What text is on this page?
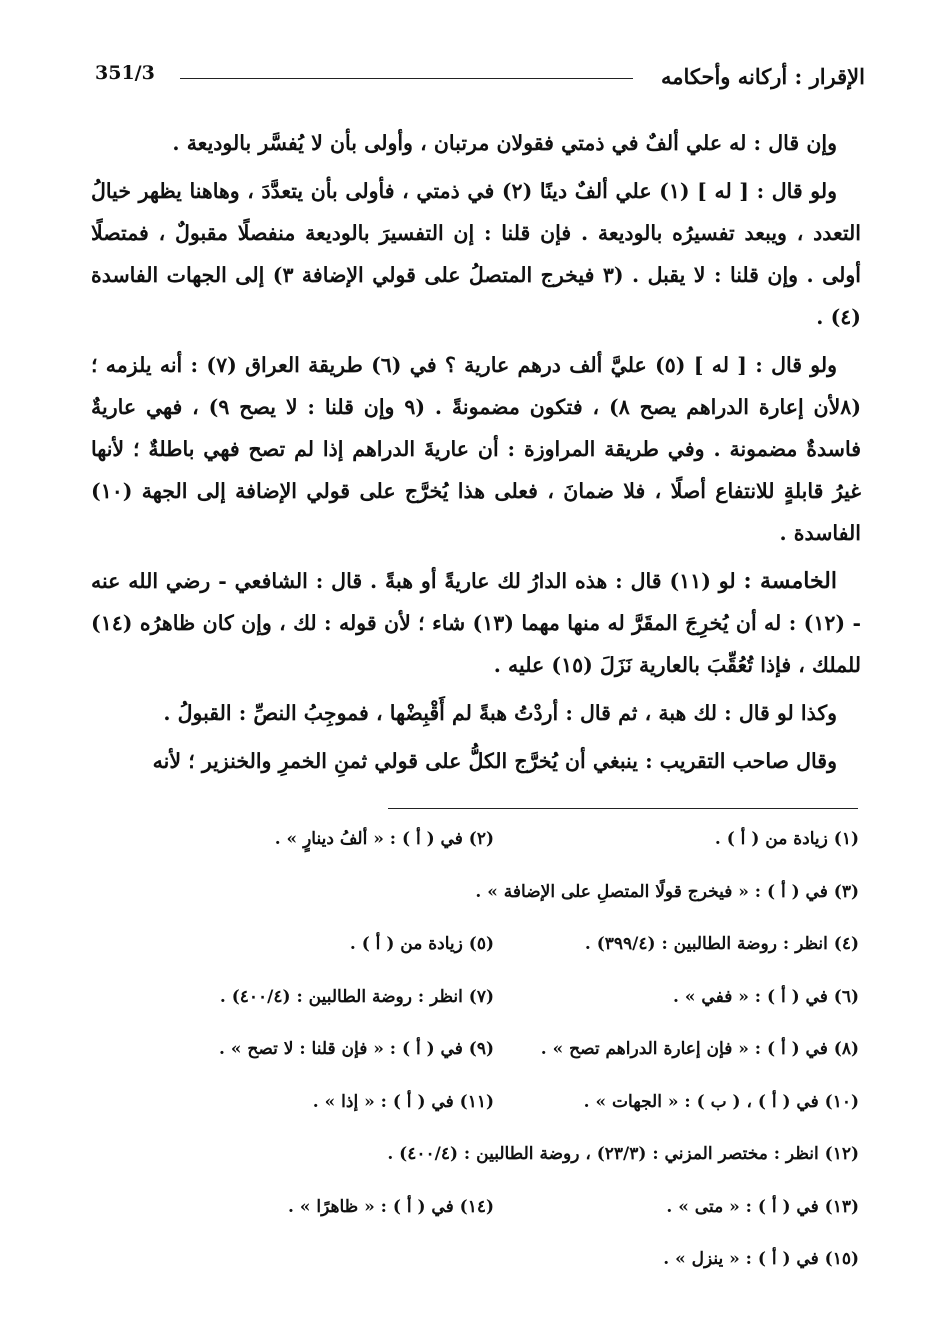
الإقرار : أركانه وأحكامه
351/3

وإن قال : له علي ألفٌ في ذمتي فقولان مرتبان ، وأولى بأن لا يُفسَّر بالوديعة .

ولو قال : [ له ] (١) علي ألفٌ دينًا (٢) في ذمتي ، فأولى بأن يتعدَّدَ ، وهاهنا يظهر خيالُ التعدد ، ويبعد تفسيرُه بالوديعة . فإن قلنا : إن التفسيرَ بالوديعة منفصلًا مقبولٌ ، فمتصلًا أولى . وإن قلنا : لا يقبل . (٣ فيخرج المتصلُ على قولي الإضافة ٣) إلى الجهات الفاسدة (٤) .

ولو قال : [ له ] (٥) عليَّ ألف درهم عارية ؟ في (٦) طريقة العراق (٧) : أنه يلزمه ؛ (٨لأن إعارة الدراهم يصح ٨) ، فتكون مضمونةً . (٩ وإن قلنا : لا يصح ٩) ، فهي عاريةٌ فاسدةٌ مضمونة . وفي طريقة المراوزة : أن عاريةَ الدراهم إذا لم تصح فهي باطلةٌ ؛ لأنها غيرُ قابلةٍ للانتفاع أصلًا ، فلا ضمانَ ، فعلى هذا يُخرَّج على قولي الإضافة إلى الجهة (١٠) الفاسدة .

الخامسة : لو (١١) قال : هذه الدارُ لك عاريةً أو هبةً . قال : الشافعي - رضي الله عنه - (١٢) : له أن يُخرِجَ المقَرَّ له منها مهما (١٣) شاء ؛ لأن قوله : لك ، وإن كان ظاهرُه (١٤) للملك ، فإذا تُعُقِّبَ بالعارية نَزَلَ (١٥) عليه .

وكذا لو قال : لك هبة ، ثم قال : أردْتُ هبةً لم أَقْبِضْها ، فموجِبُ النصِّ : القبولُ .

وقال صاحب التقريب : ينبغي أن يُخرَّج الكلُّ على قولي ثمنِ الخمرِ والخنزير ؛ لأنه

(١) زيادة من ( أ ) .
(٢) في ( أ ) : « ألفُ دينارٍ » .
(٣) في ( أ ) : « فيخرج قولًا المتصلِ على الإضافة » .
(٤) انظر : روضة الطالبين : (٣٩٩/٤) .
(٥) زيادة من ( أ ) .
(٦) في ( أ ) : « ففي » .
(٧) انظر : روضة الطالبين : (٤٠٠/٤) .
(٨) في ( أ ) : « فإن إعارة الدراهم تصح » .
(٩) في ( أ ) : « فإن قلنا : لا تصح » .
(١٠) في ( أ ) ، ( ب ) : « الجهات » .
(١١) في ( أ ) : « إذا » .
(١٢) انظر : مختصر المزني : (٢٣/٣) ، روضة الطالبين : (٤٠٠/٤) .
(١٣) في ( أ ) : « متى » .
(١٤) في ( أ ) : « ظاهرًا » .
(١٥) في ( أ ) : « ينزل » .
